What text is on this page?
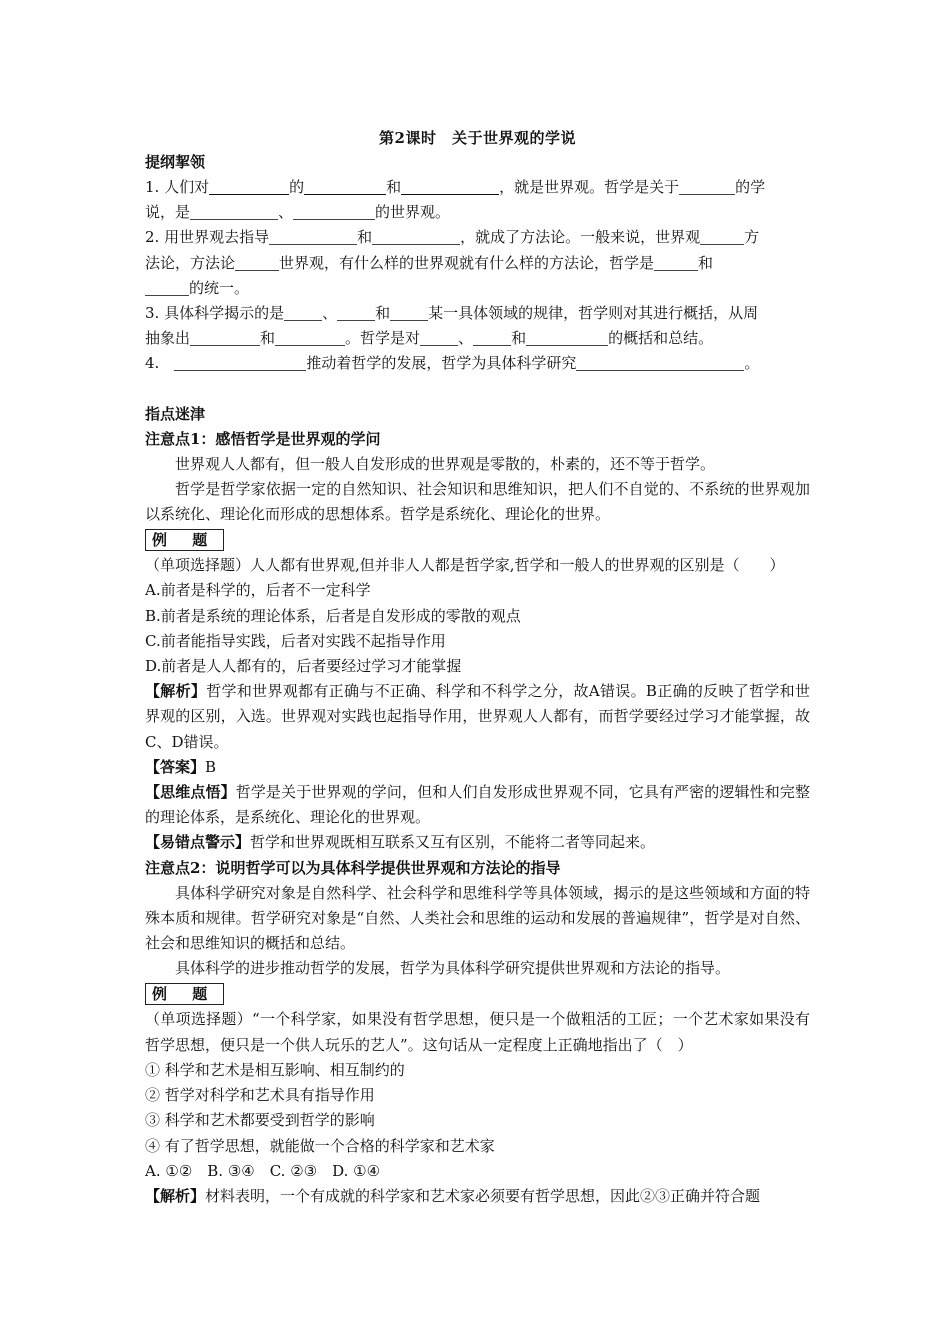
第2课时　关于世界观的学说

提纲挈领

1. 人们对	的	和	，就是世界观。哲学是关于	的学
说，是	、	的世界观。

2. 用世界观去指导	和	，就成了方法论。一般来说，世界观	方
法论，方法论	世界观，有什么样的世界观就有什么样的方法论，哲学是	和
的统一。

3. 具体科学揭示的是	、	和	某一具体领域的规律，哲学则对其进行概括，从周
抽象出	和	。哲学是对	、	和	的概括和总结。

4.　	推动着哲学的发展，哲学为具体科学研究	。

指点迷津
注意点1：感悟哲学是世界观的学问

世界观人人都有，但一般人自发形成的世界观是零散的，朴素的，还不等于哲学。

哲学是哲学家依据一定的自然知识、社会知识和思维知识，把人们不自觉的、不系统的世界观加以系统化、理论化而形成的思想体系。哲学是系统化、理论化的世界。

例 题

（单项选择题）人人都有世界观,但并非人人都是哲学家,哲学和一般人的世界观的区别是（　　）

A.前者是科学的，后者不一定科学

B.前者是系统的理论体系，后者是自发形成的零散的观点

C.前者能指导实践，后者对实践不起指导作用

D.前者是人人都有的，后者要经过学习才能掌握

【解析】哲学和世界观都有正确与不正确、科学和不科学之分，故A错误。B正确的反映了哲学和世界观的区别，入选。世界观对实践也起指导作用，世界观人人都有，而哲学要经过学习才能掌握，故C、D错误。

【答案】B

【思维点悟】哲学是关于世界观的学问，但和人们自发形成世界观不同，它具有严密的逻辑性和完整的理论体系，是系统化、理论化的世界观。

【易错点警示】哲学和世界观既相互联系又互有区别，不能将二者等同起来。

注意点2：说明哲学可以为具体科学提供世界观和方法论的指导

具体科学研究对象是自然科学、社会科学和思维科学等具体领域，揭示的是这些领域和方面的特殊本质和规律。哲学研究对象是“自然、人类社会和思维的运动和发展的普遍规律”，哲学是对自然、社会和思维知识的概括和总结。

具体科学的进步推动哲学的发展，哲学为具体科学研究提供世界观和方法论的指导。

例 题

（单项选择题）“一个科学家，如果没有哲学思想，便只是一个做粗活的工匠；一个艺术家如果没有哲学思想，便只是一个供人玩乐的艺人”。这句话从一定程度上正确地指出了（　）

① 科学和艺术是相互影响、相互制约的

② 哲学对科学和艺术具有指导作用

③ 科学和艺术都要受到哲学的影响

④ 有了哲学思想，就能做一个合格的科学家和艺术家

A. ①②　B. ③④　C. ②③　D. ①④

【解析】材料表明，一个有成就的科学家和艺术家必须要有哲学思想，因此②③正确并符合题
